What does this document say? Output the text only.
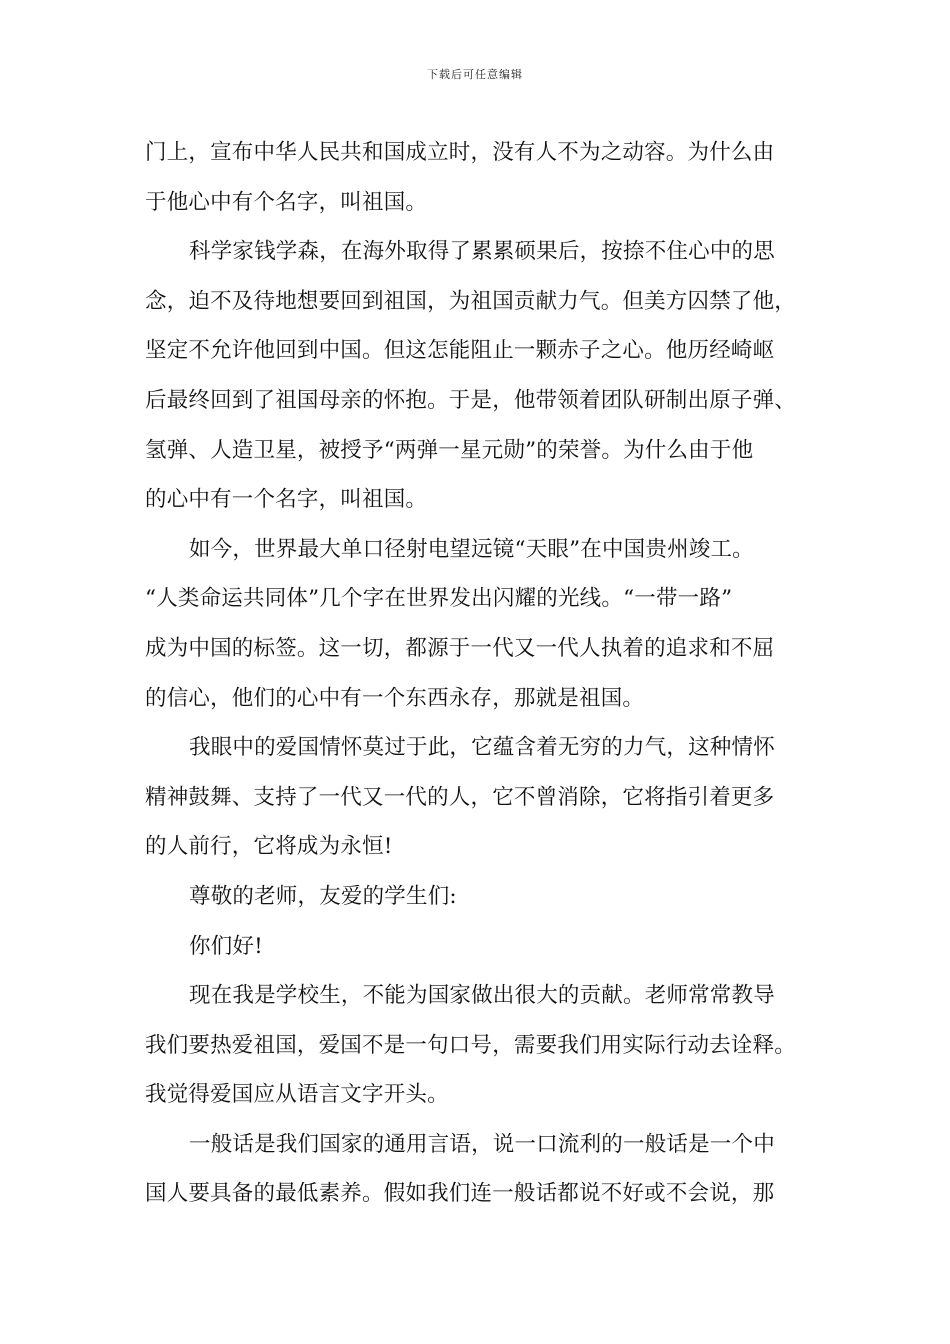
下载后可任意编辑
门上，宣布中华人民共和国成立时，没有人不为之动容。为什么由
于他心中有个名字，叫祖国。
科学家钱学森，在海外取得了累累硕果后，按捺不住心中的思
念，迫不及待地想要回到祖国，为祖国贡献力气。但美方囚禁了他，
坚定不允许他回到中国。但这怎能阻止一颗赤子之心。他历经崎岖
后最终回到了祖国母亲的怀抱。于是，他带领着团队研制出原子弹、
氢弹、人造卫星，被授予“两弹一星元勋”的荣誉。为什么由于他
的心中有一个名字，叫祖国。
如今，世界最大单口径射电望远镜“天眼”在中国贵州竣工。
“人类命运共同体”几个字在世界发出闪耀的光线。“一带一路”
成为中国的标签。这一切，都源于一代又一代人执着的追求和不屈
的信心，他们的心中有一个东西永存，那就是祖国。
我眼中的爱国情怀莫过于此，它蕴含着无穷的力气，这种情怀
精神鼓舞、支持了一代又一代的人，它不曾消除，它将指引着更多
的人前行，它将成为永恒!
尊敬的老师，友爱的学生们:
你们好!
现在我是学校生，不能为国家做出很大的贡献。老师常常教导
我们要热爱祖国，爱国不是一句口号，需要我们用实际行动去诠释。
我觉得爱国应从语言文字开头。
一般话是我们国家的通用言语，说一口流利的一般话是一个中
国人要具备的最低素养。假如我们连一般话都说不好或不会说，那
